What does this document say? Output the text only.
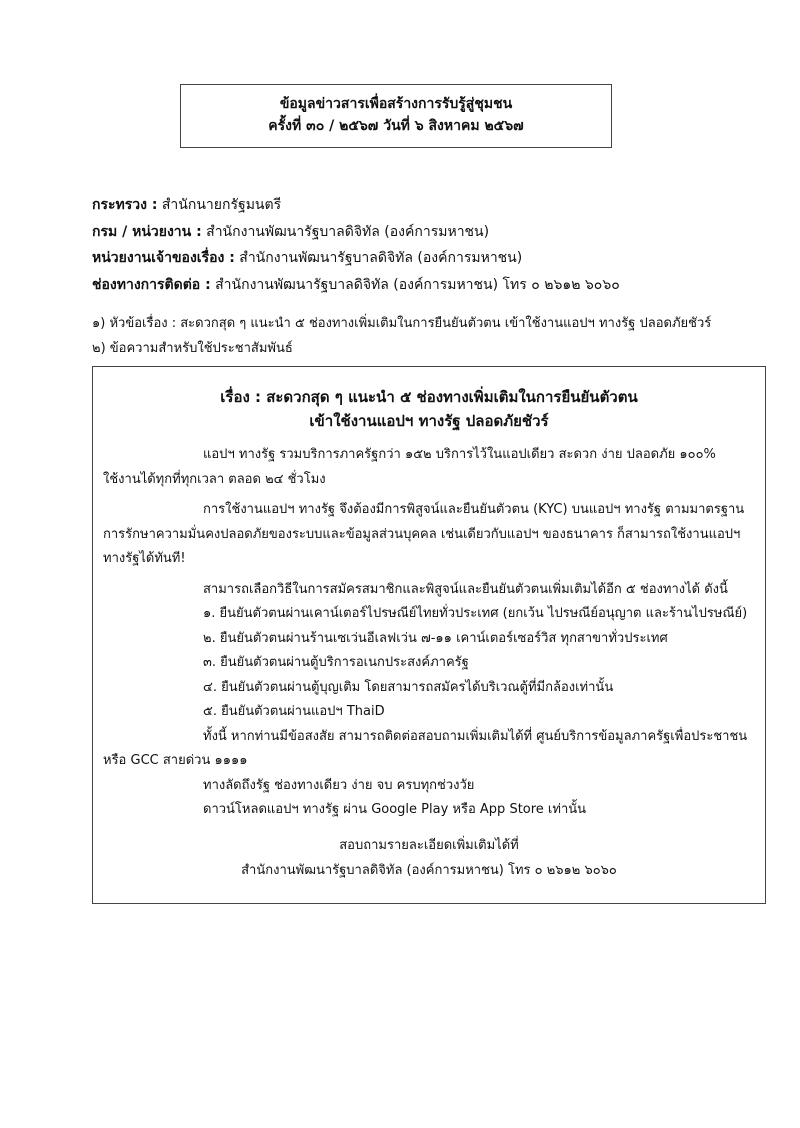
ข้อมูลข่าวสารเพื่อสร้างการรับรู้สู่ชุมชน
ครั้งที่ ๓๐ / ๒๕๖๗ วันที่ ๖ สิงหาคม ๒๕๖๗
กระทรวง : สำนักนายกรัฐมนตรี
กรม / หน่วยงาน : สำนักงานพัฒนารัฐบาลดิจิทัล (องค์การมหาชน)
หน่วยงานเจ้าของเรื่อง : สำนักงานพัฒนารัฐบาลดิจิทัล (องค์การมหาชน)
ช่องทางการติดต่อ : สำนักงานพัฒนารัฐบาลดิจิทัล (องค์การมหาชน) โทร ๐ ๒๖๑๒ ๖๐๖๐
๑) หัวข้อเรื่อง : สะดวกสุด ๆ แนะนำ ๕ ช่องทางเพิ่มเติมในการยืนยันตัวตน เข้าใช้งานแอปฯ ทางรัฐ ปลอดภัยชัวร์
๒) ข้อความสำหรับใช้ประชาสัมพันธ์
เรื่อง : สะดวกสุด ๆ แนะนำ ๕ ช่องทางเพิ่มเติมในการยืนยันตัวตน
เข้าใช้งานแอปฯ ทางรัฐ ปลอดภัยชัวร์
แอปฯ ทางรัฐ รวมบริการภาครัฐกว่า ๑๕๒ บริการไว้ในแอปเดียว สะดวก ง่าย ปลอดภัย ๑๐๐%
ใช้งานได้ทุกที่ทุกเวลา ตลอด ๒๔ ชั่วโมง
การใช้งานแอปฯ ทางรัฐ จึงต้องมีการพิสูจน์และยืนยันตัวตน (KYC) บนแอปฯ ทางรัฐ ตามมาตรฐาน
การรักษาความมั่นคงปลอดภัยของระบบและข้อมูลส่วนบุคคล เช่นเดียวกับแอปฯ ของธนาคาร ก็สามารถใช้งานแอปฯ
ทางรัฐได้ทันที!
สามารถเลือกวิธีในการสมัครสมาชิกและพิสูจน์และยืนยันตัวตนเพิ่มเติมได้อีก ๕ ช่องทางได้ ดังนี้
๑. ยืนยันตัวตนผ่านเคาน์เตอร์ไปรษณีย์ไทยทั่วประเทศ (ยกเว้น ไปรษณีย์อนุญาต และร้านไปรษณีย์)
๒. ยืนยันตัวตนผ่านร้านเซเว่นอีเลฟเว่น ๗-๑๑ เคาน์เตอร์เซอร์วิส ทุกสาขาทั่วประเทศ
๓. ยืนยันตัวตนผ่านตู้บริการอเนกประสงค์ภาครัฐ
๔. ยืนยันตัวตนผ่านตู้บุญเติม โดยสามารถสมัครได้บริเวณตู้ที่มีกล้องเท่านั้น
๕. ยืนยันตัวตนผ่านแอปฯ ThaiD
ทั้งนี้ หากท่านมีข้อสงสัย สามารถติดต่อสอบถามเพิ่มเติมได้ที่ ศูนย์บริการข้อมูลภาครัฐเพื่อประชาชน
หรือ GCC สายด่วน ๑๑๑๑
ทางลัดถึงรัฐ ช่องทางเดียว ง่าย จบ ครบทุกช่วงวัย
ดาวน์โหลดแอปฯ ทางรัฐ ผ่าน Google Play หรือ App Store เท่านั้น
สอบถามรายละเอียดเพิ่มเติมได้ที่
สำนักงานพัฒนารัฐบาลดิจิทัล (องค์การมหาชน) โทร ๐ ๒๖๑๒ ๖๐๖๐
